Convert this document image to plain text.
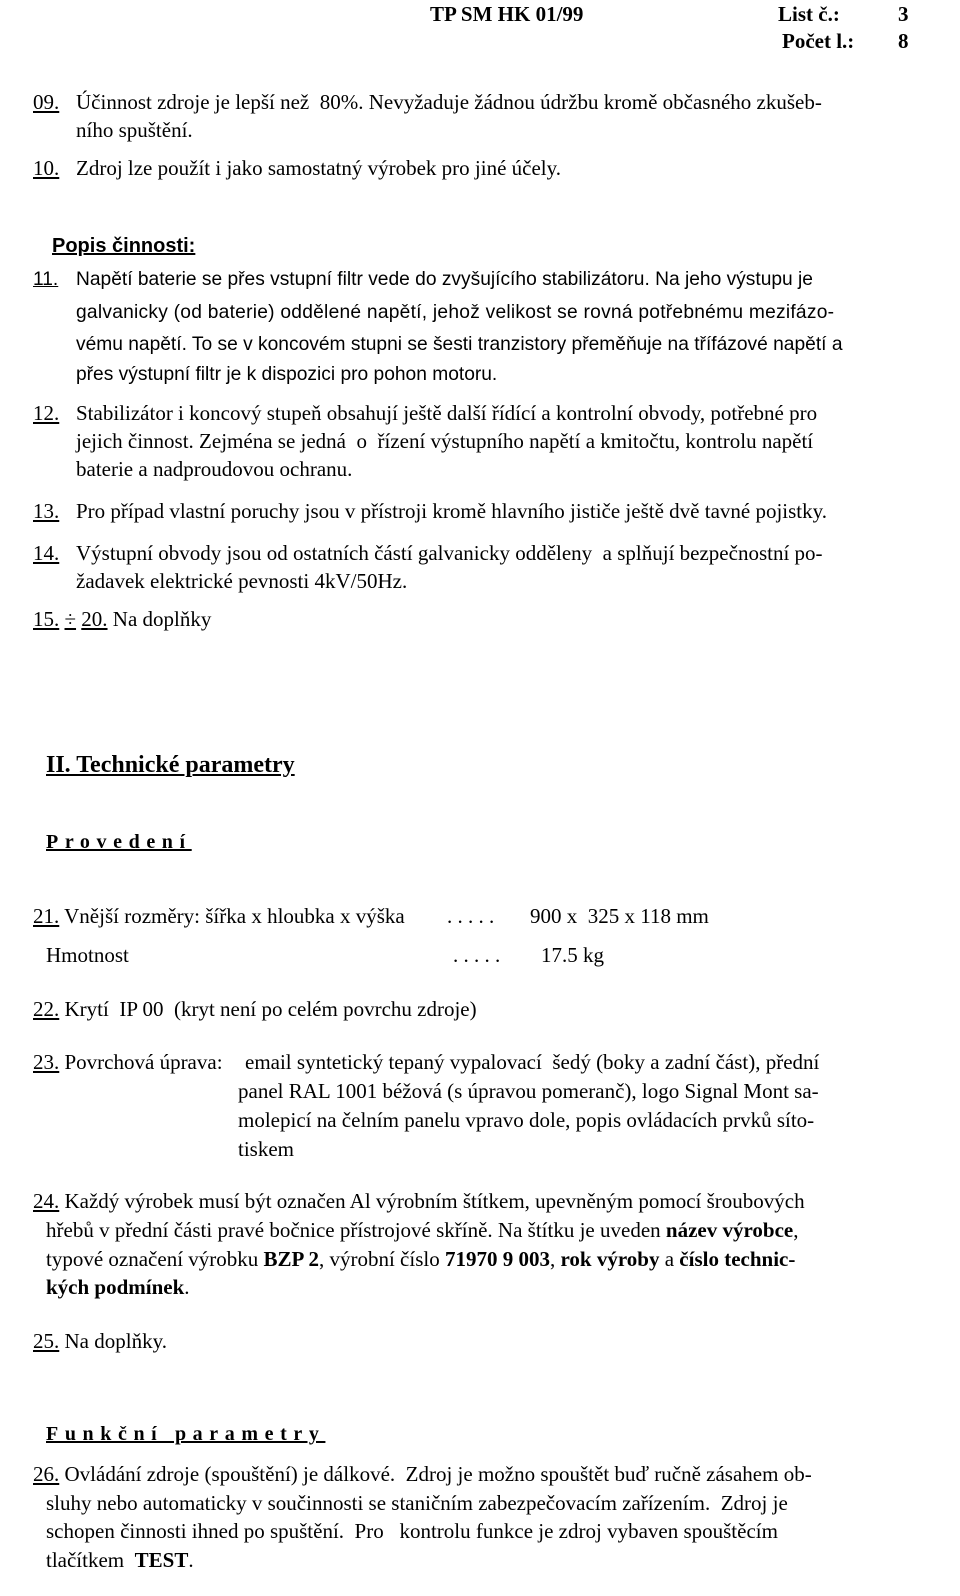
TP SM HK 01/99	List č.:	3
Počet l.: 8
09. Účinnost zdroje je lepší než  80%. Nevyžaduje žádnou údržbu kromě občasného zkušeb-
ního spuštění.
10. Zdroj lze použít i jako samostatný výrobek pro jiné účely.
Popis činnosti:
11. Napětí baterie se přes vstupní filtr vede do zvyšujícího stabilizátoru. Na jeho výstupu je
galvanicky (od baterie) oddělené napětí, jehož velikost se rovná potřebnému mezifázo-
vému napětí. To se v koncovém stupni se šesti tranzistory přeměňuje na třífázové napětí a
přes výstupní filtr je k dispozici pro pohon motoru.
12. Stabilizátor i koncový stupeň obsahují ještě další řídící a kontrolní obvody, potřebné pro
jejich činnost. Zejména se jedná  o  řízení výstupního napětí a kmitočtu, kontrolu napětí
baterie a nadproudovou ochranu.
13. Pro případ vlastní poruchy jsou v přístroji kromě hlavního jističe ještě dvě tavné pojistky.
14. Výstupní obvody jsou od ostatních částí galvanicky odděleny  a splňují bezpečnostní po-
žadavek elektrické pevnosti 4kV/50Hz.
15. ÷ 20. Na doplňky
II. Technické parametry
Provedení
21. Vnější rozměry: šířka x hloubka x výška . . . . . 900 x  325 x 118 mm
Hmotnost	. . . . . 17.5 kg
22. Krytí  IP 00  (kryt není po celém povrchu zdroje)
23. Povrchová úprava: email syntetický tepaný vypalovací  šedý (boky a zadní část), přední
panel RAL 1001 béžová (s úpravou pomeranč), logo Signal Mont sa-
molepicí na čelním panelu vpravo dole, popis ovládacích prvků sítо-
tiskem
24. Každý výrobek musí být označen Al výrobním štítkem, upevněným pomocí šroubových
hřebů v přední části pravé bočnice přístrojové skříně. Na štítku je uveden název výrobce,
typové označení výrobku BZP 2, výrobní číslo 71970 9 003, rok výroby a číslo technic-
kých podmínek.
25. Na doplňky.
Funkční parametry
26. Ovládání zdroje (spouštění) je dálkové.  Zdroj je možno spouštět buď ručně zásahem ob-
sluhy nebo automaticky v součinnosti se staničním zabezpečovacím zařízením.  Zdroj je
schopen činnosti ihned po spuštění.  Pro   kontrolu funkce je zdroj vybaven spouštěcím
tlačítkem  TEST.
